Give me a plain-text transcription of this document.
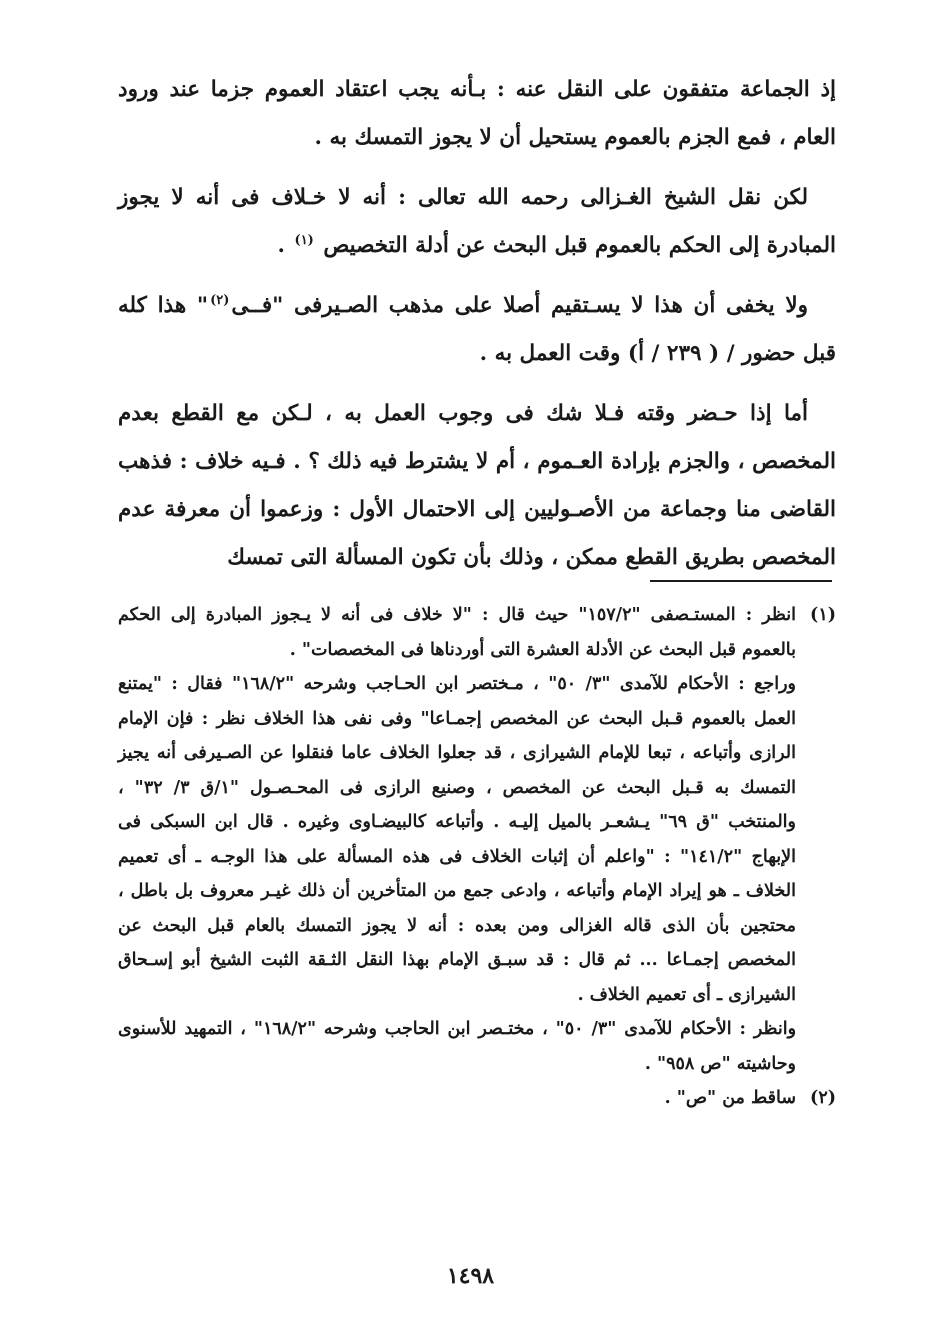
إذ الجماعة متفقون على النقل عنه : بـأنه يجب اعتقاد العموم جزما عند ورود العام ، فمع الجزم بالعموم يستحيل أن لا يجوز التمسك به .

لكن نقل الشيخ الغـزالى رحمه الله تعالى : أنه لا خـلاف فى أنه لا يجوز المبادرة إلى الحكم بالعموم قبل البحث عن أدلة التخصيص $^{(١)}$ .

ولا يخفى أن هذا لا يسـتقيم أصلا على مذهب الصـيرفى "فــى$^{(٢)}$" هذا كله قبل حضور / ( ٢٣٩ / أ) وقت العمل به .

أما إذا حـضر وقته فـلا شك فى وجوب العمل به ، لـكن مع القطع بعدم المخصص ، والجزم بإرادة العـموم ، أم لا يشترط فيه ذلك ؟ . فـيه خلاف : فذهب القاضى منا وجماعة من الأصـوليين إلى الاحتمال الأول : وزعموا أن معرفة عدم المخصص بطريق القطع ممكن ، وذلك بأن تكون المسألة التى تمسك

(١)

انظر : المستـصفى "١٥٧/٢" حيث قال : "لا خلاف فى أنه لا يـجوز المبادرة إلى الحكم بالعموم قبل البحث عن الأدلة العشرة التى أوردناها فى المخصصات" .

وراجع : الأحكام للآمدى "٣/ ٥٠" ، مـختصر ابن الحـاجب وشرحه "١٦٨/٢" فقال : "يمتنع العمل بالعموم قـبل البحث عن المخصص إجمـاعا" وفى نفى هذا الخلاف نظر : فإن الإمام الرازى وأتباعه ، تبعا للإمام الشيرازى ، قد جعلوا الخلاف عاما فنقلوا عن الصـيرفى أنه يجيز التمسك به قـبل البحث عن المخصص ، وصنيع الرازى فى المحـصـول "١/ق ٣/ ٣٢" ، والمنتخب "ق ٦٩" يـشعـر بالميل إليـه . وأتباعه كالبيضـاوى وغيره . قال ابن السبكى فى الإبهاج "١٤١/٢" : "واعلم أن إثبات الخلاف فى هذه المسألة على هذا الوجـه ـ أى تعميم الخلاف ـ هو إيراد الإمام وأتباعه ، وادعى جمع من المتأخرين أن ذلك غيـر معروف بل باطل ، محتجين بأن الذى قاله الغزالى ومن بعده : أنه لا يجوز التمسك بالعام قبل البحث عن المخصص إجمـاعا ... ثم قال : قد سبـق الإمام بهذا النقل الثـقة الثبت الشيخ أبو إسـحاق الشيرازى ـ أى تعميم الخلاف .

وانظر : الأحكام للآمدى "٣/ ٥٠" ، مختـصر ابن الحاجب وشرحه "١٦٨/٢" ، التمهيد للأسنوى وحاشيته "ص ٩٥٨" .

(٢)

ساقط من "ص" .

١٤٩٨
